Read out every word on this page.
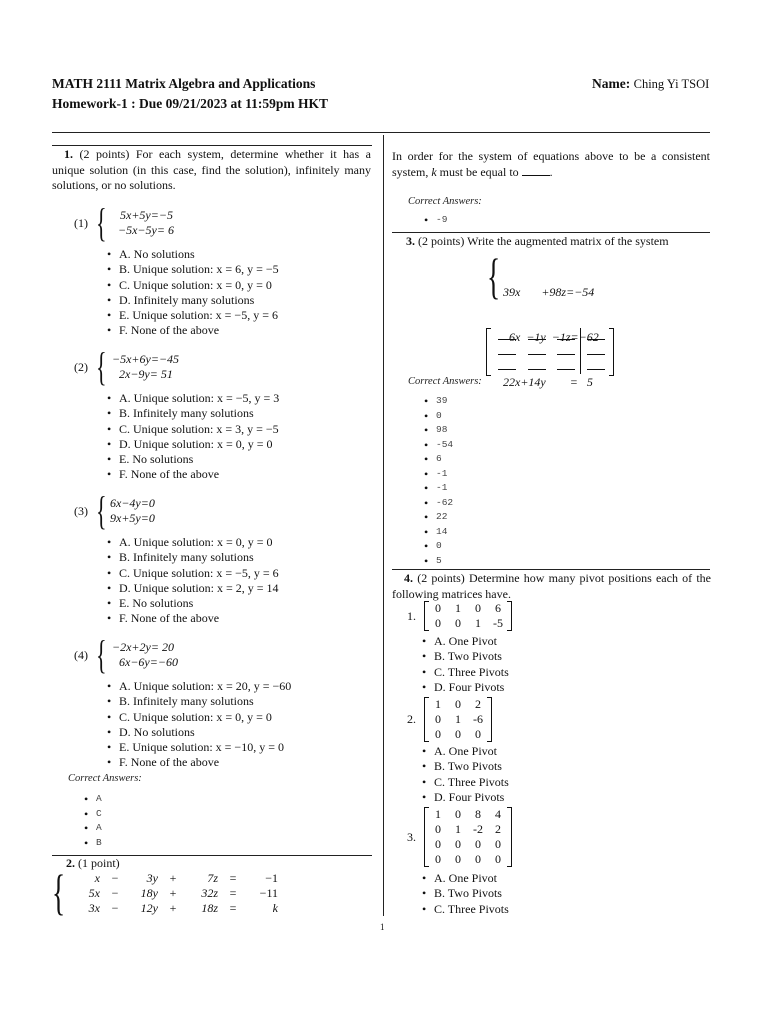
MATH 2111 Matrix Algebra and Applications
Homework-1 : Due 09/21/2023 at 11:59pm HKT
Name: Ching Yi TSOI
1. (2 points) For each system, determine whether it has a unique solution (in this case, find the solution), infinitely many solutions, or no solutions.
(1) { 5x+5y=−5
−5x−5y= 6
• A. No solutions
• B. Unique solution: x = 6, y = −5
• C. Unique solution: x = 0, y = 0
• D. Infinitely many solutions
• E. Unique solution: x = −5, y = 6
• F. None of the above
(2) { −5x+6y=−45
2x−9y= 51
• A. Unique solution: x = −5, y = 3
• B. Infinitely many solutions
• C. Unique solution: x = 3, y = −5
• D. Unique solution: x = 0, y = 0
• E. No solutions
• F. None of the above
(3) { 6x−4y=0
9x+5y=0
• A. Unique solution: x = 0, y = 0
• B. Infinitely many solutions
• C. Unique solution: x = −5, y = 6
• D. Unique solution: x = 2, y = 14
• E. No solutions
• F. None of the above
(4) { −2x+2y= 20
6x−6y=−60
• A. Unique solution: x = 20, y = −60
• B. Infinitely many solutions
• C. Unique solution: x = 0, y = 0
• D. No solutions
• E. Unique solution: x = −10, y = 0
• F. None of the above
Correct Answers:
• A
• C
• A
• B
2. (1 point)
{	x −	3y +	7z =	−1
5x −	18y +	32z =	−11
3x −	12y +	18z =	k
1
In order for the system of equations above to be a consistent system, k must be equal to	.
Correct Answers:
• -9
3. (2 points) Write the augmented matrix of the system
{

39x       +98z=−54

6x  −1y  −1z=−62

22x+14y        =   5

Correct Answers:
• 39
• 0
• 98
• -54
• 6
• -1
• -1
• -62
• 22
• 14
• 0
• 5
4. (2 points) Determine how many pivot positions each of the following matrices have.
1.
0	1	0	6
0	0	1	-5
• A. One Pivot
• B. Two Pivots
• C. Three Pivots
• D. Four Pivots
2.
1	0	2
0	1	-6
0	0	0
• A. One Pivot
• B. Two Pivots
• C. Three Pivots
• D. Four Pivots
3.
1	0	8	4
0	1	-2	2
0	0	0	0
0	0	0	0
• A. One Pivot
• B. Two Pivots
• C. Three Pivots
